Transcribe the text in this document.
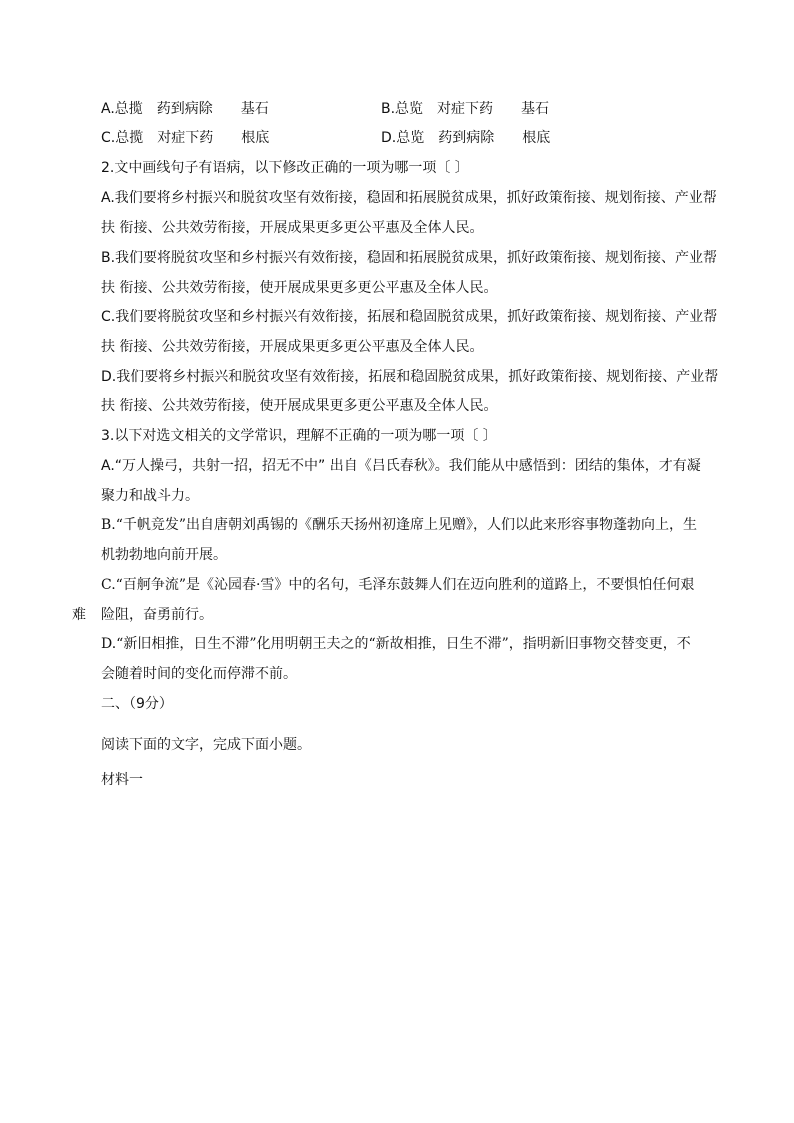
A.总揽　药到病除　　基石	B.总览　对症下药　　基石
C.总揽　对症下药　　根底	D.总览　药到病除　　根底
2.文中画线句子有语病，以下修改正确的一项为哪一项〔 〕
A.我们要将乡村振兴和脱贫攻坚有效衔接，稳固和拓展脱贫成果，抓好政策衔接、规划衔接、产业帮
扶 衔接、公共效劳衔接，开展成果更多更公平惠及全体人民。
B.我们要将脱贫攻坚和乡村振兴有效衔接，稳固和拓展脱贫成果，抓好政策衔接、规划衔接、产业帮
扶 衔接、公共效劳衔接，使开展成果更多更公平惠及全体人民。
C.我们要将脱贫攻坚和乡村振兴有效衔接，拓展和稳固脱贫成果，抓好政策衔接、规划衔接、产业帮
扶 衔接、公共效劳衔接，开展成果更多更公平惠及全体人民。
D.我们要将乡村振兴和脱贫攻坚有效衔接，拓展和稳固脱贫成果，抓好政策衔接、规划衔接、产业帮
扶 衔接、公共效劳衔接，使开展成果更多更公平惠及全体人民。
3.以下对选文相关的文学常识，理解不正确的一项为哪一项〔 〕
A.“万人操弓，共射一招，招无不中” 出自《吕氏春秋》。我们能从中感悟到：团结的集体，才有凝
聚力和战斗力。
B.“千帆竞发”出自唐朝刘禹锡的《酬乐天扬州初逢席上见赠》，人们以此来形容事物蓬勃向上，生
机勃勃地向前开展。
C.“百舸争流”是《沁园春·雪》中的名句，毛泽东鼓舞人们在迈向胜利的道路上，不要惧怕任何艰
难 险阻，奋勇前行。
D.“新旧相推，日生不滞”化用明朝王夫之的“新故相推，日生不滞”，指明新旧事物交替变更，不
会随着时间的变化而停滞不前。
二、（9分）
阅读下面的文字，完成下面小题。
材料一
